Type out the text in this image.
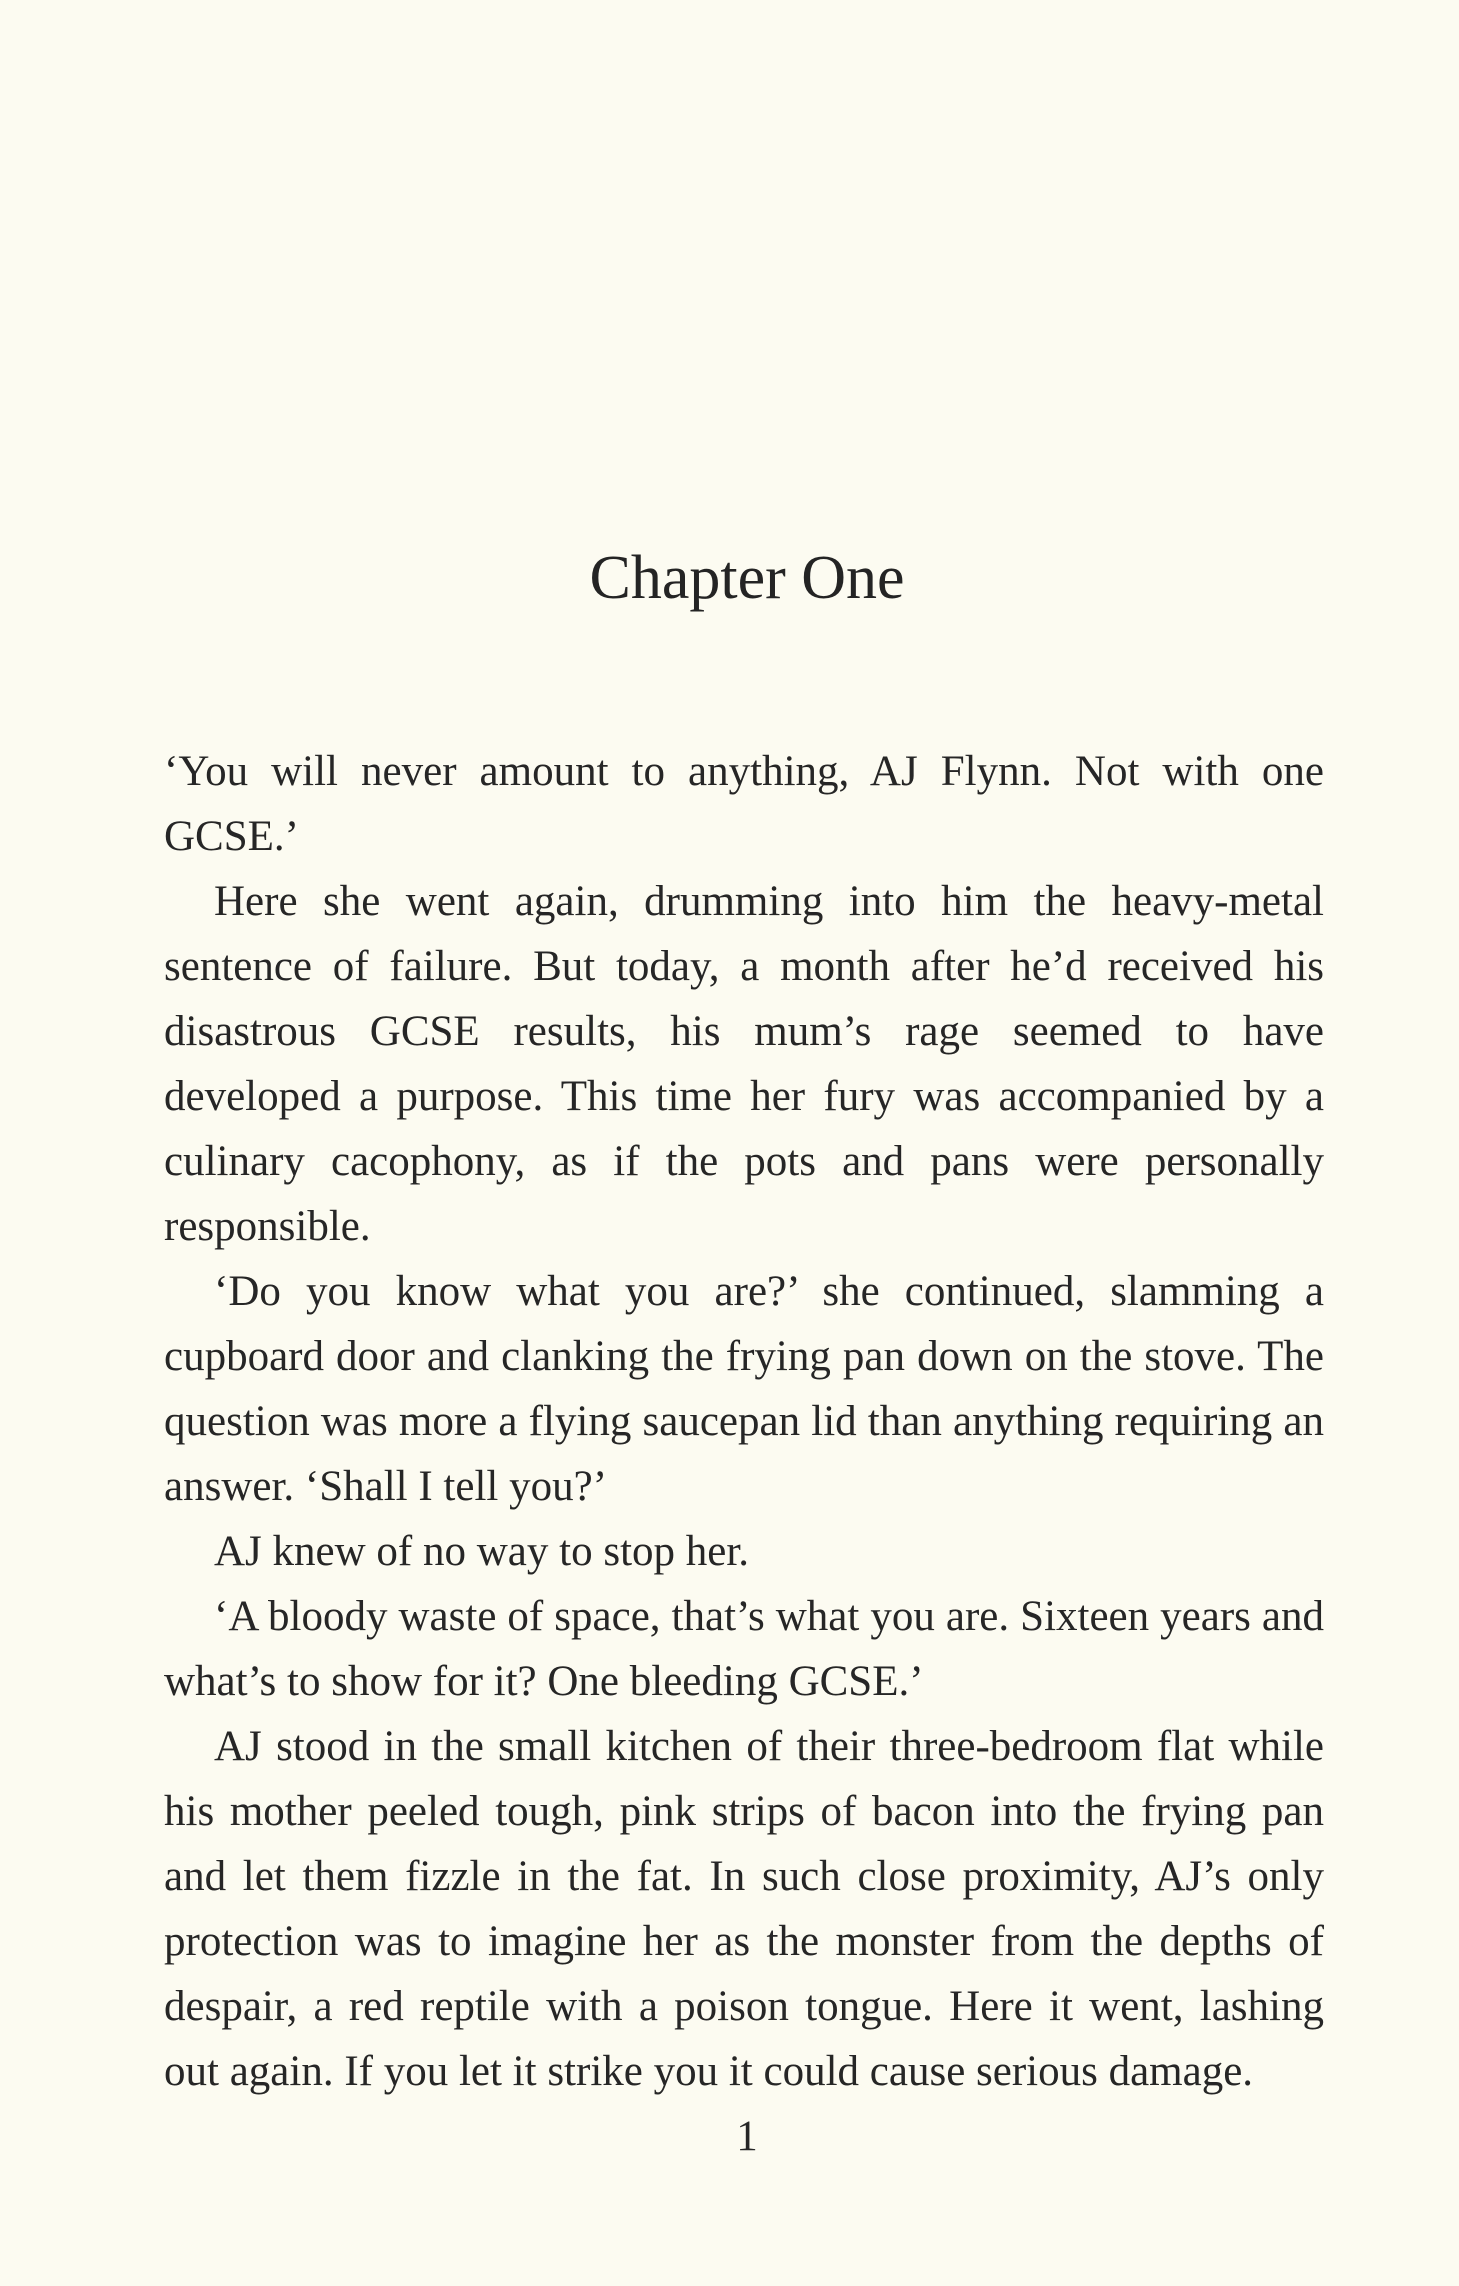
Chapter One

‘You will never amount to anything, AJ Flynn. Not with one GCSE.’

Here she went again, drumming into him the heavy-metal sentence of failure. But today, a month after he’d received his disastrous GCSE results, his mum’s rage seemed to have developed a purpose. This time her fury was accompanied by a culinary cacophony, as if the pots and pans were personally responsible.

‘Do you know what you are?’ she continued, slamming a cupboard door and clanking the frying pan down on the stove. The question was more a flying saucepan lid than anything requiring an answer. ‘Shall I tell you?’

AJ knew of no way to stop her.

‘A bloody waste of space, that’s what you are. Sixteen years and what’s to show for it? One bleeding GCSE.’

AJ stood in the small kitchen of their three-bedroom flat while his mother peeled tough, pink strips of bacon into the frying pan and let them fizzle in the fat. In such close proximity, AJ’s only protection was to imagine her as the monster from the depths of despair, a red reptile with a poison tongue. Here it went, lashing out again. If you let it strike you it could cause serious damage.

1
